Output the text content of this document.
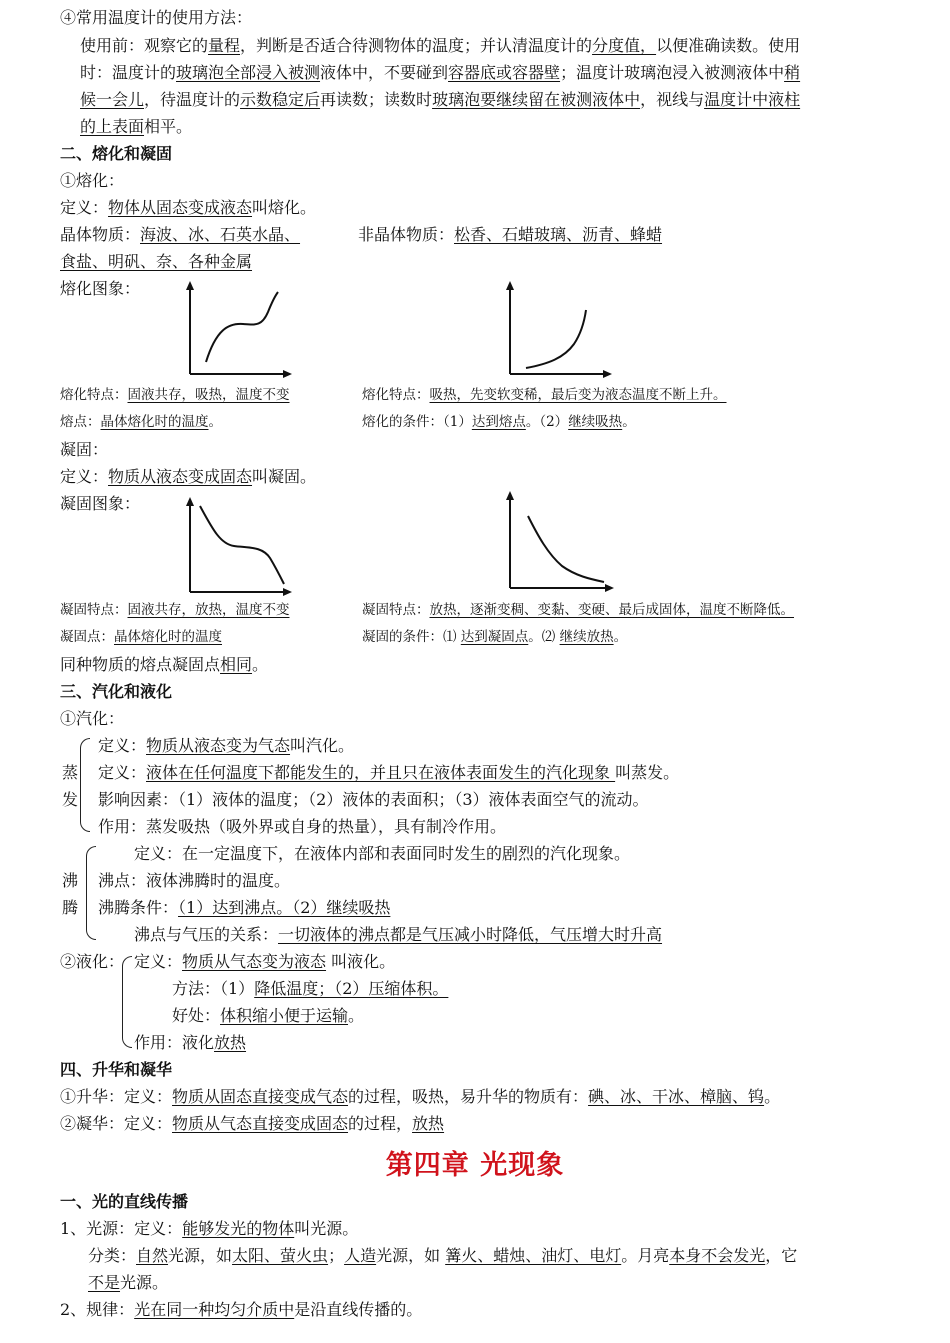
④常用温度计的使用方法：
使用前：观察它的量程，判断是否适合待测物体的温度；并认清温度计的分度值，以便准确读数。使用
时：温度计的玻璃泡全部浸入被测液体中，不要碰到容器底或容器壁；温度计玻璃泡浸入被测液体中稍
候一会儿，待温度计的示数稳定后再读数；读数时玻璃泡要继续留在被测液体中，视线与温度计中液柱
的上表面相平。
二、熔化和凝固
①熔化：
定义：物体从固态变成液态叫熔化。
晶体物质：海波、冰、石英水晶、	非晶体物质：松香、石蜡玻璃、沥青、蜂蜡
食盐、明矾、奈、各种金属
熔化图象：
熔化特点：固液共存，吸热，温度不变	熔化特点：吸热，先变软变稀，最后变为液态温度不断上升。
熔点：晶体熔化时的温度。	熔化的条件：（1）达到熔点。（2）继续吸热。
凝固：
定义：物质从液态变成固态叫凝固。
凝固图象：
凝固特点：固液共存，放热，温度不变	凝固特点：放热，逐渐变稠、变黏、变硬、最后成固体，温度不断降低。
凝固点：晶体熔化时的温度	凝固的条件：⑴ 达到凝固点。⑵ 继续放热。
同种物质的熔点凝固点相同。
三、汽化和液化
①汽化：
蒸
发
定义：物质从液态变为气态叫汽化。
定义：液体在任何温度下都能发生的，并且只在液体表面发生的汽化现象 叫蒸发。
影响因素：（1）液体的温度；（2）液体的表面积；（3）液体表面空气的流动。
作用：蒸发吸热（吸外界或自身的热量），具有制冷作用。
沸
腾
定义：在一定温度下，在液体内部和表面同时发生的剧烈的汽化现象。
沸点：液体沸腾时的温度。
沸腾条件：（1）达到沸点。（2）继续吸热
沸点与气压的关系：一切液体的沸点都是气压减小时降低，气压增大时升高
②液化： 定义：物质从气态变为液态 叫液化。
方法：（1）降低温度；（2）压缩体积。
好处：体积缩小便于运输。
作用：液化放热
四、升华和凝华
①升华：定义：物质从固态直接变成气态的过程，吸热，易升华的物质有：碘、冰、干冰、樟脑、钨。
②凝华：定义：物质从气态直接变成固态的过程，放热
第四章 光现象
一、光的直线传播
1、光源：定义：能够发光的物体叫光源。
分类：自然光源，如太阳、萤火虫；人造光源，如 篝火、蜡烛、油灯、电灯。月亮本身不会发光，它
不是光源。
2、规律：光在同一种均匀介质中是沿直线传播的。
